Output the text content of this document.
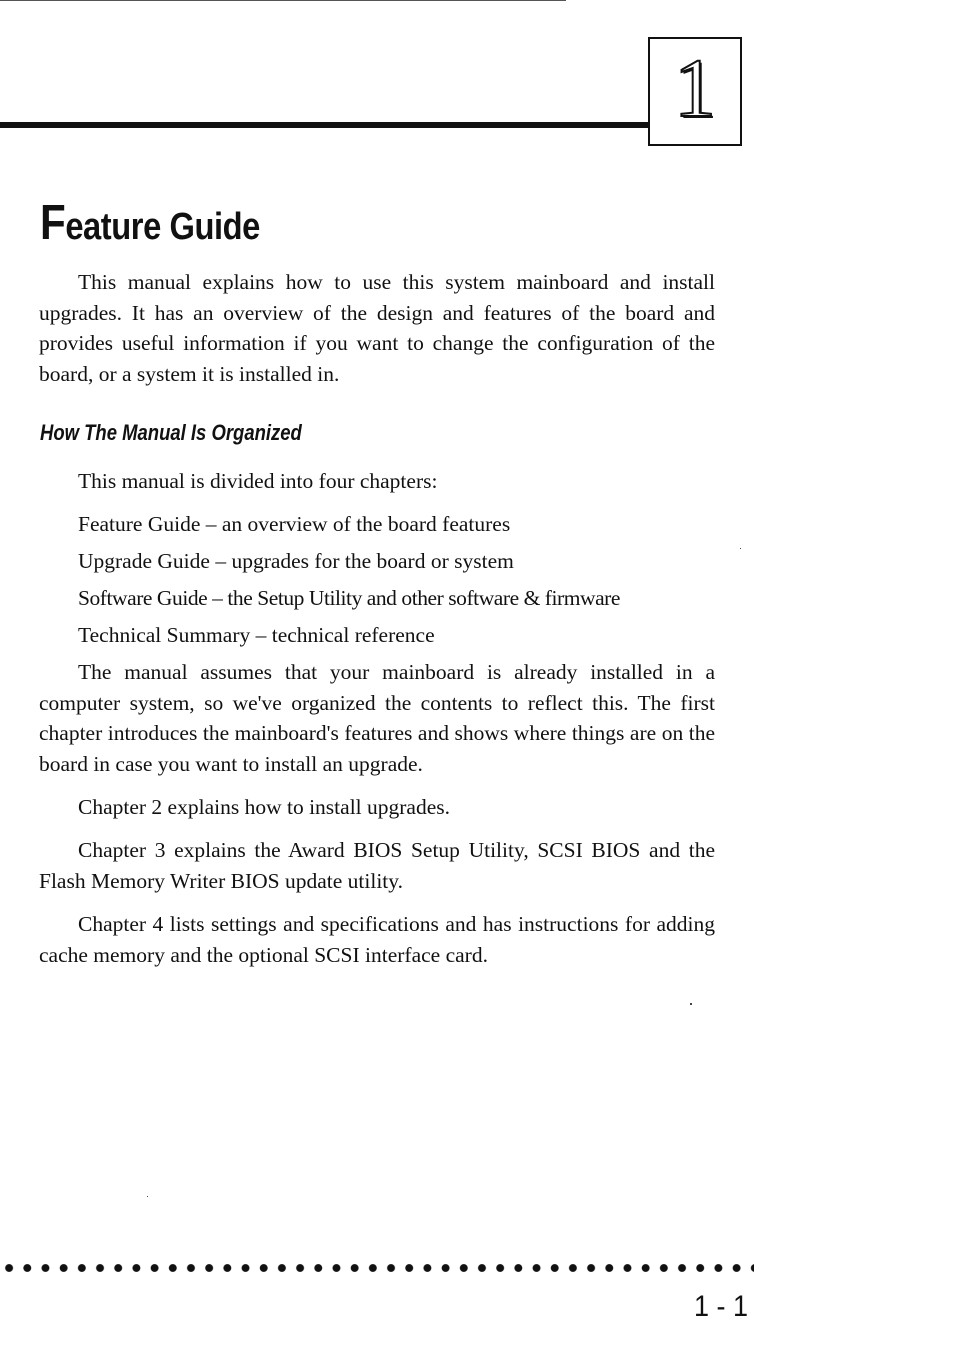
1
Feature Guide

This manual explains how to use this system mainboard and install upgrades. It has an overview of the design and features of the board and provides useful information if you want to change the configuration of the board, or a system it is installed in.

How The Manual Is Organized

This manual is divided into four chapters:

Feature Guide – an overview of the board features

Upgrade Guide – upgrades for the board or system

Software Guide – the Setup Utility and other software & firmware

Technical Summary – technical reference

The manual assumes that your mainboard is already installed in a computer system, so we've organized the contents to reflect this. The first chapter introduces the mainboard's features and shows where things are on the board in case you want to install an upgrade.

Chapter 2 explains how to install upgrades.

Chapter 3 explains the Award BIOS Setup Utility, SCSI BIOS and the Flash Memory Writer BIOS update utility.

Chapter 4 lists settings and specifications and has instructions for adding cache memory and the optional SCSI interface card.

1 - 1
